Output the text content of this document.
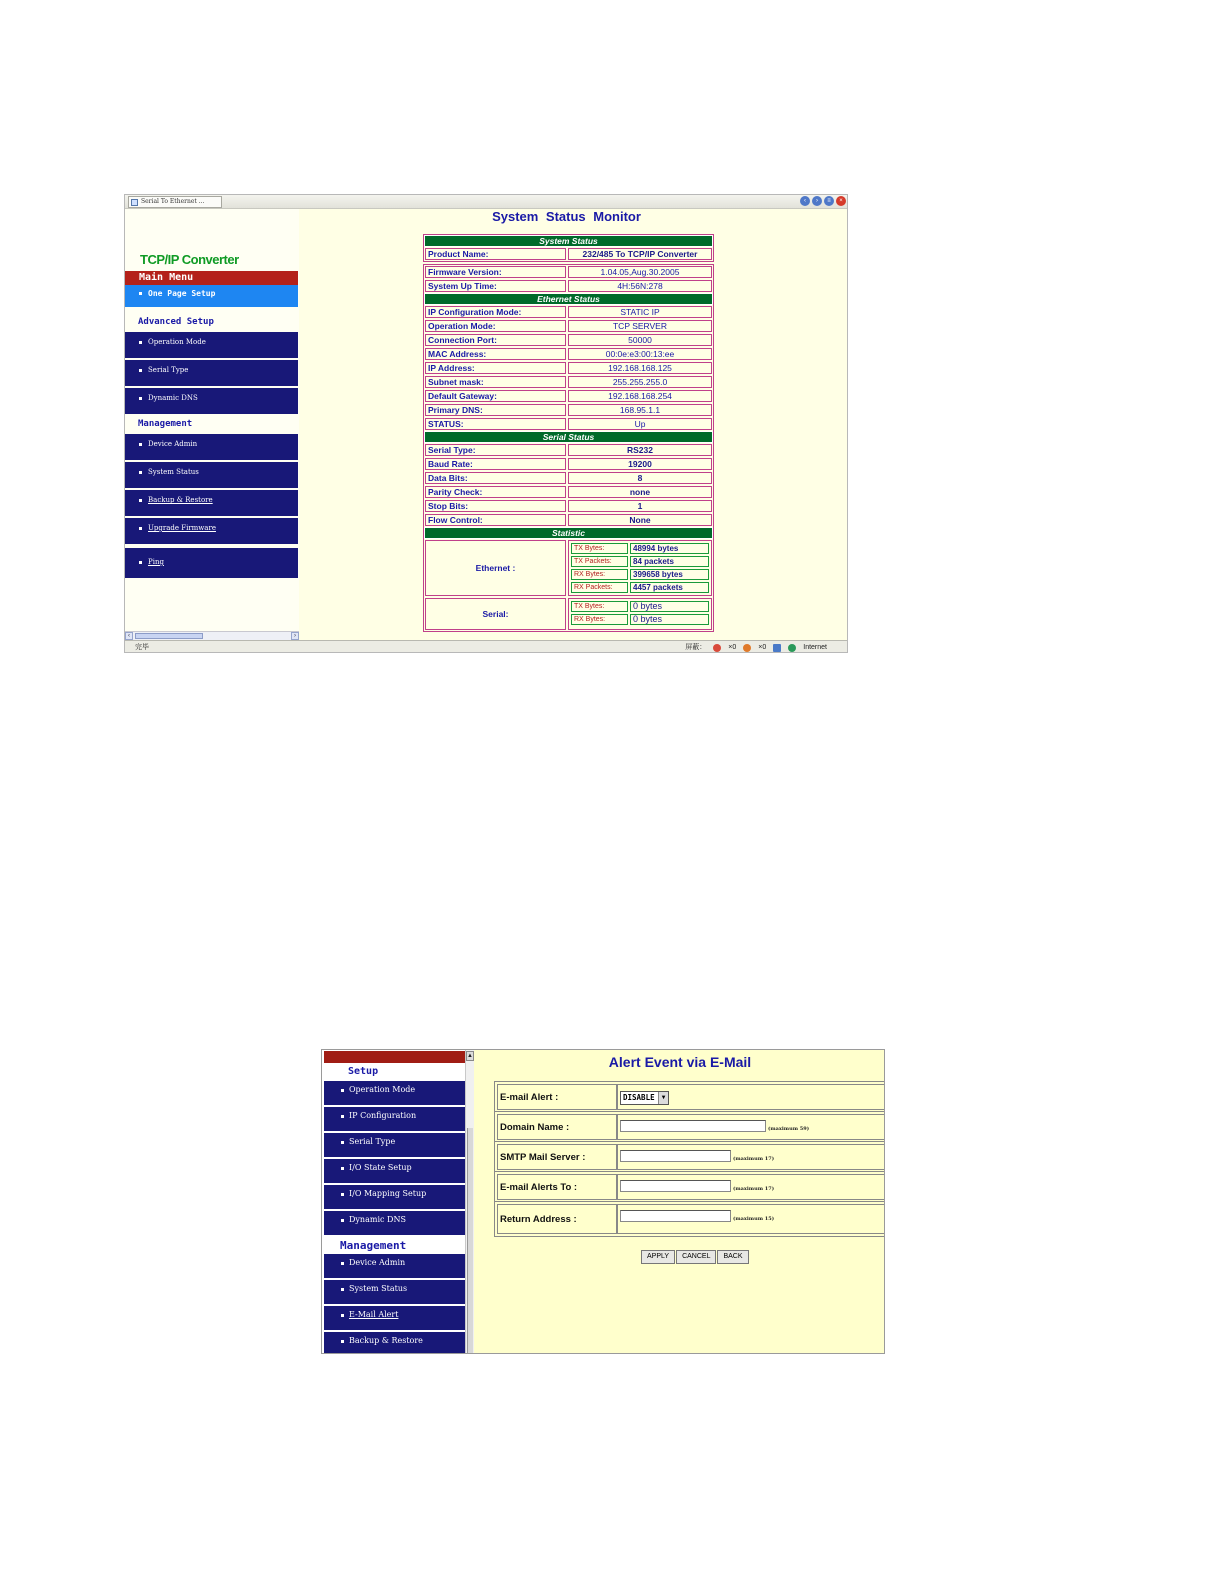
Serial To Ethernet ...	‹	›	≡	×
TCP/IP Converter
Main Menu
One Page Setup
Advanced Setup
Operation Mode
Serial Type
Dynamic DNS
Management
Device Admin
System Status
Backup & Restore
Upgrade Firmware
Ping
‹	›
System Status Monitor
System Status
Product Name:	232/485 To TCP/IP Converter
Firmware Version:	1.04.05,Aug.30.2005
System Up Time:	4H:56N:278
Ethernet Status
IP Configuration Mode:	STATIC IP
Operation Mode:	TCP SERVER
Connection Port:	50000
MAC Address:	00:0e:e3:00:13:ee
IP Address:	192.168.168.125
Subnet mask:	255.255.255.0
Default Gateway:	192.168.168.254
Primary DNS:	168.95.1.1
STATUS:	Up
Serial Status
Serial Type:	RS232
Baud Rate:	19200
Data Bits:	8
Parity Check:	none
Stop Bits:	1
Flow Control:	None
Statistic
Ethernet :
TX Bytes:	48994 bytes
TX Packets:	84 packets
RX Bytes:	399658 bytes
RX Packets:	4457 packets
Serial:
TX Bytes:	0 bytes
RX Bytes:	0 bytes
完毕	屏蔽：	×0	×0	Internet
Setup
Operation Mode
IP Configuration
Serial Type
I/O State Setup
I/O Mapping Setup
Dynamic DNS
Management
Device Admin
System Status
E-Mail Alert
Backup & Restore
▲	Alert Event via E-Mail
E-mail Alert :	DISABLE	▼
Domain Name :	(maximum 59)
SMTP Mail Server :	(maximum 17)
E-mail Alerts To :	(maximum 17)
Return Address :	(maximum 15)
APPLY	CANCEL	BACK
